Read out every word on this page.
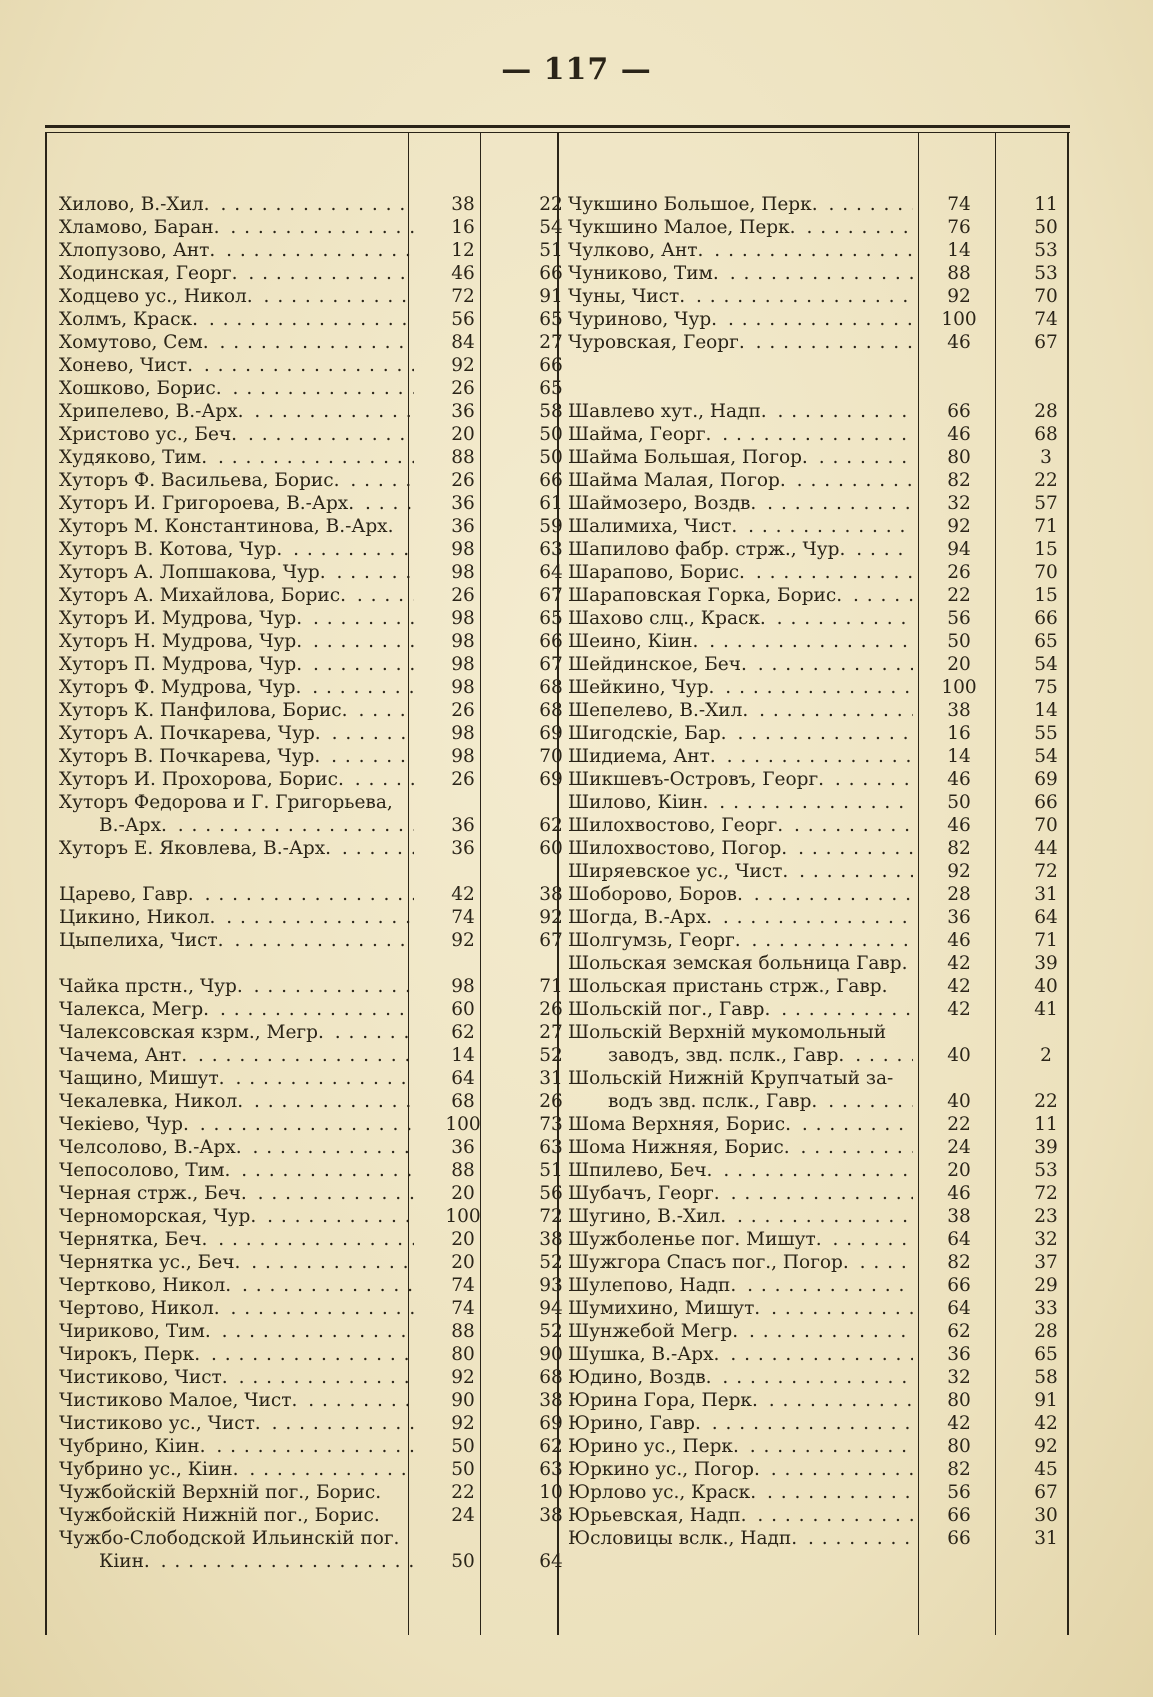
— 117 —
Хилово, В.-Хил. . . .	38	22
Хламово, Баран. . . .	16	54
Хлопузово, Ант. . . .	12	51
Ходинская, Георг. . . .	46	66
Ходцево ус., Никол. . . .	72	91
Холмъ, Краск. . . .	56	65
Хомутово, Сем. . . .	84	27
Хонево, Чист. . . .	92	66
Хошково, Борис. . . .	26	65
Хрипелево, В.-Арх. . . .	36	58
Христово ус., Беч. . . .	20	50
Худяково, Тим. . . .	88	50
Хуторъ Ф. Васильева, Борис. . . .	26	66
Хуторъ И. Григороева, В.-Арх. . . .	36	61
Хуторъ М. Константинова, В.-Арх.	36	59
Хуторъ В. Котова, Чур. . . .	98	63
Хуторъ А. Лопшакова, Чур. . . .	98	64
Хуторъ А. Михайлова, Борис. . . .	26	67
Хуторъ И. Мудрова, Чур. . . .	98	65
Хуторъ Н. Мудрова, Чур. . . .	98	66
Хуторъ П. Мудрова, Чур. . . .	98	67
Хуторъ Ф. Мудрова, Чур. . . .	98	68
Хуторъ К. Панфилова, Борис. . . .	26	68
Хуторъ А. Почкарева, Чур. . . .	98	69
Хуторъ В. Почкарева, Чур. . . .	98	70
Хуторъ И. Прохорова, Борис. . . .	26	69
Хуторъ Федорова и Г. Григорьева,
В.-Арх. . . .	36	62
Хуторъ Е. Яковлева, В.-Арх. . . .	36	60
Царево, Гавр. . . .	42	38
Цикино, Никол. . . .	74	92
Цыпелиха, Чист. . . .	92	67
Чайка прстн., Чур. . . .	98	71
Чалекса, Мегр. . . .	60	26
Чалексовская кзрм., Мегр. . . .	62	27
Чачема, Ант. . . .	14	52
Чащино, Мишут. . . .	64	31
Чекалевка, Никол. . . .	68	26
Чекіево, Чур. . . .	100	73
Челсолово, В.-Арх. . . .	36	63
Чепосолово, Тим. . . .	88	51
Черная стрж., Беч. . . .	20	56
Черноморская, Чур. . . .	100	72
Чернятка, Беч. . . .	20	38
Чернятка ус., Беч. . . .	20	52
Чертково, Никол. . . .	74	93
Чертово, Никол. . . .	74	94
Чириково, Тим. . . .	88	52
Чирокъ, Перк. . . .	80	90
Чистиково, Чист. . . .	92	68
Чистиково Малое, Чист. . . .	90	38
Чистиково ус., Чист. . . .	92	69
Чубрино, Кіин. . . .	50	62
Чубрино ус., Кіин. . . .	50	63
Чужбойскій Верхній пог., Борис.	22	10
Чужбойскій Нижній пог., Борис.	24	38
Чужбо-Слободской Ильинскій пог.
Кіин. . . .	50	64
Чукшино Большое, Перк. . . .	74	11
Чукшино Малое, Перк. . . .	76	50
Чулково, Ант. . . .	14	53
Чуниково, Тим. . . .	88	53
Чуны, Чист. . . .	92	70
Чуриново, Чур. . . .	100	74
Чуровская, Георг. . . .	46	67
Шавлево хут., Надп. . . .	66	28
Шайма, Георг. . . .	46	68
Шайма Большая, Погор. . . .	80	3
Шайма Малая, Погор. . . .	82	22
Шаймозеро, Воздв. . . .	32	57
Шалимиха, Чист. . . .	92	71
Шапилово фабр. стрж., Чур. . . .	94	15
Шарапово, Борис. . . .	26	70
Шараповская Горка, Борис. . . .	22	15
Шахово слц., Краск. . . .	56	66
Шеино, Кіин. . . .	50	65
Шейдинское, Беч. . . .	20	54
Шейкино, Чур. . . .	100	75
Шепелево, В.-Хил. . . .	38	14
Шигодскіе, Бар. . . .	16	55
Шидиема, Ант. . . .	14	54
Шикшевъ-Островъ, Георг. . . .	46	69
Шилово, Кіин. . . .	50	66
Шилохвостово, Георг. . . .	46	70
Шилохвостово, Погор. . . .	82	44
Ширяевское ус., Чист. . . .	92	72
Шоборово, Боров. . . .	28	31
Шогда, В.-Арх. . . .	36	64
Шолгумзь, Георг. . . .	46	71
Шольская земская больница Гавр.	42	39
Шольская пристань стрж., Гавр.	42	40
Шольскій пог., Гавр. . . .	42	41
Шольскій Верхній мукомольный
заводъ, звд. пслк., Гавр. . . .	40	2
Шольскій Нижній Крупчатый за-
водъ звд. пслк., Гавр. . . .	40	22
Шома Верхняя, Борис. . . .	22	11
Шома Нижняя, Борис. . . .	24	39
Шпилево, Беч. . . .	20	53
Шубачъ, Георг. . . .	46	72
Шугино, В.-Хил. . . .	38	23
Шужболенье пог. Мишут. . . .	64	32
Шужгора Спасъ пог., Погор. . . .	82	37
Шулепово, Надп. . . .	66	29
Шумихино, Мишут. . . .	64	33
Шунжебой Мегр. . . .	62	28
Шушка, В.-Арх. . . .	36	65
Юдино, Воздв. . . .	32	58
Юрина Гора, Перк. . . .	80	91
Юрино, Гавр. . . .	42	42
Юрино ус., Перк. . . .	80	92
Юркино ус., Погор. . . .	82	45
Юрлово ус., Краск. . . .	56	67
Юрьевская, Надп. . . .	66	30
Юсловицы вслк., Надп. . . .	66	31
